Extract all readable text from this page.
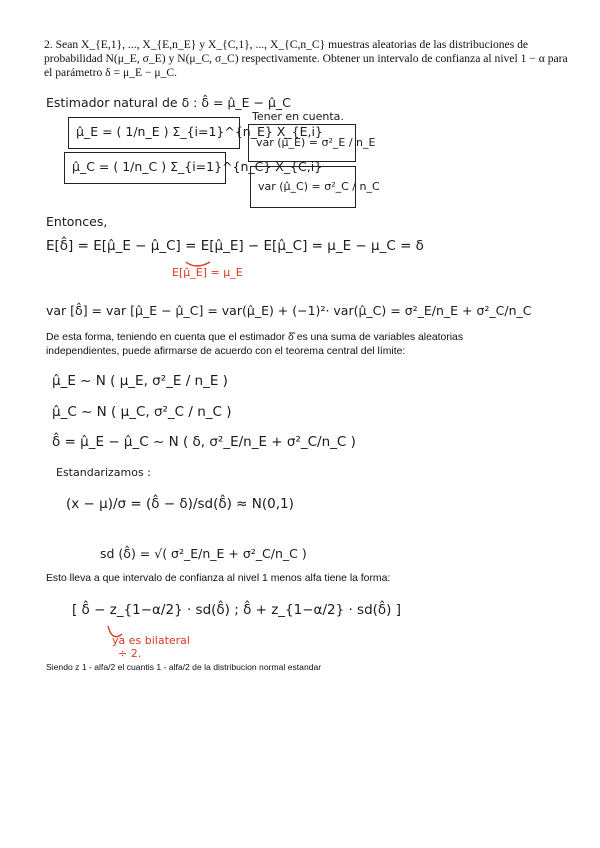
2. Sean X_{E,1}, ..., X_{E,n_E} y X_{C,1}, ..., X_{C,n_C} muestras aleatorias de las distribuciones de probabilidad N(μ_E, σ_E) y N(μ_C, σ_C) respectivamente. Obtener un intervalo de confianza al nivel 1 − α para el parámetro δ = μ_E − μ_C.
Estimador natural de δ : δ̂ = μ̂_E − μ̂_C
μ̂_E = ( 1/n_E ) Σ_{i=1}^{n_E} X_{E,i}
μ̂_C = ( 1/n_C ) Σ_{i=1}^{n_C} X_{C,i}
Tener en cuenta.
var (μ̂_E) = σ²_E / n_E
var (μ̂_C) = σ²_C / n_C
Entonces,
E[δ̂] = E[μ̂_E − μ̂_C] = E[μ̂_E] − E[μ̂_C] = μ_E − μ_C = δ
E[μ̂_E] = μ_E
var [δ̂] = var [μ̂_E − μ̂_C] = var(μ̂_E) + (−1)²· var(μ̂_C) = σ²_E/n_E + σ²_C/n_C
De esta forma, teniendo en cuenta que el estimador δ̂ es una suma de variables aleatorias independientes, puede afirmarse de acuerdo con el teorema central del límite:
μ̂_E ~ N ( μ_E, σ²_E / n_E )
μ̂_C ~ N ( μ_C, σ²_C / n_C )
δ̂ = μ̂_E − μ̂_C ~ N ( δ, σ²_E/n_E + σ²_C/n_C )
Estandarizamos :
(x − μ)/σ = (δ̂ − δ)/sd(δ̂) ≈ N(0,1)
sd (δ̂) = √( σ²_E/n_E + σ²_C/n_C )
Esto lleva a que intervalo de confianza al nivel 1 menos alfa tiene la forma:
[ δ̂ − z_{1−α/2} · sd(δ̂) ; δ̂ + z_{1−α/2} · sd(δ̂) ]
ya es bilateral
÷ 2.
Siendo z 1 - alfa/2 el cuantis 1 - alfa/2 de la distribucion normal estandar
